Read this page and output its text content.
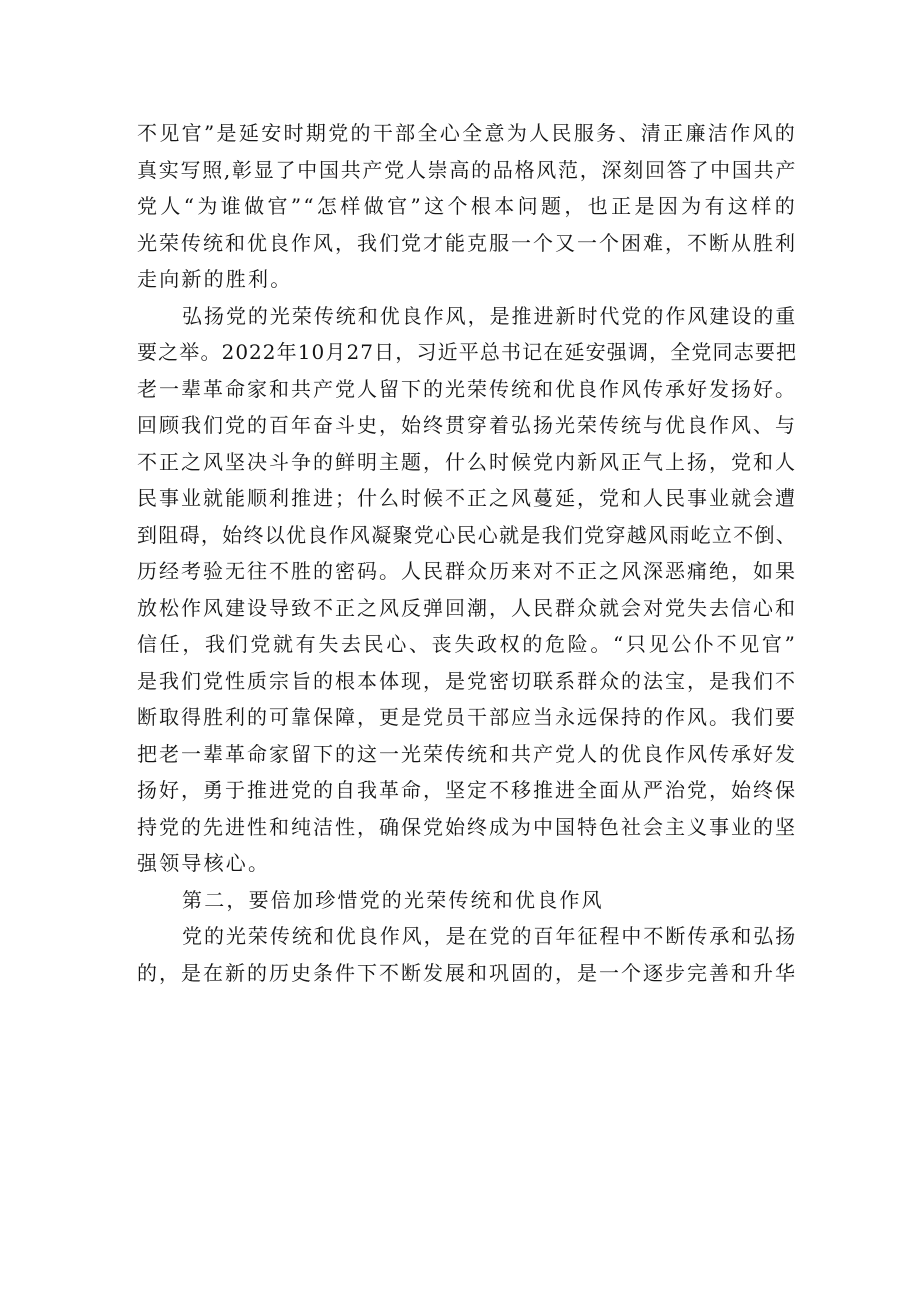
不见官”是延安时期党的干部全心全意为人民服务、清正廉洁作风的
真实写照,彰显了中国共产党人崇高的品格风范，深刻回答了中国共产
党人“为谁做官”“怎样做官”这个根本问题，也正是因为有这样的
光荣传统和优良作风，我们党才能克服一个又一个困难，不断从胜利
走向新的胜利。
弘扬党的光荣传统和优良作风，是推进新时代党的作风建设的重
要之举。2022年10月27日，习近平总书记在延安强调，全党同志要把
老一辈革命家和共产党人留下的光荣传统和优良作风传承好发扬好。
回顾我们党的百年奋斗史，始终贯穿着弘扬光荣传统与优良作风、与
不正之风坚决斗争的鲜明主题，什么时候党内新风正气上扬，党和人
民事业就能顺利推进；什么时候不正之风蔓延，党和人民事业就会遭
到阻碍，始终以优良作风凝聚党心民心就是我们党穿越风雨屹立不倒、
历经考验无往不胜的密码。人民群众历来对不正之风深恶痛绝，如果
放松作风建设导致不正之风反弹回潮，人民群众就会对党失去信心和
信任，我们党就有失去民心、丧失政权的危险。“只见公仆不见官”
是我们党性质宗旨的根本体现，是党密切联系群众的法宝，是我们不
断取得胜利的可靠保障，更是党员干部应当永远保持的作风。我们要
把老一辈革命家留下的这一光荣传统和共产党人的优良作风传承好发
扬好，勇于推进党的自我革命，坚定不移推进全面从严治党，始终保
持党的先进性和纯洁性，确保党始终成为中国特色社会主义事业的坚
强领导核心。
第二，要倍加珍惜党的光荣传统和优良作风
党的光荣传统和优良作风，是在党的百年征程中不断传承和弘扬
的，是在新的历史条件下不断发展和巩固的，是一个逐步完善和升华
